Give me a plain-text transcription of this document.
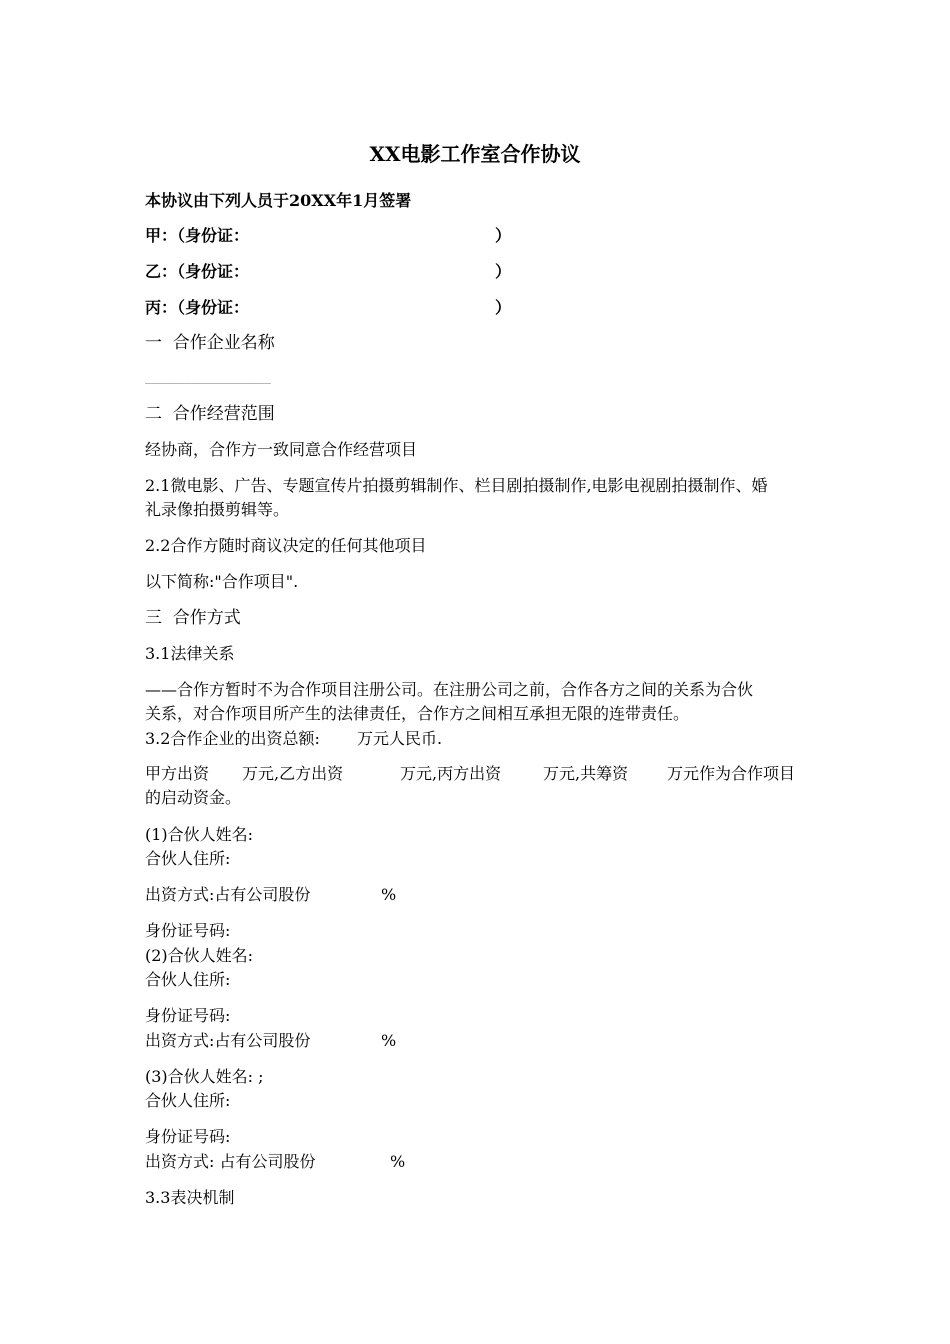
XX电影工作室合作协议
本协议由下列人员于20XX年1月签署
甲：（身份证：	）
乙：（身份证：	）
丙：（身份证：	）
一  合作企业名称
___________________
二  合作经营范围
经协商，合作方一致同意合作经营项目
2.1微电影、广告、专题宣传片拍摄剪辑制作、栏目剧拍摄制作,电影电视剧拍摄制作、婚
礼录像拍摄剪辑等。
2.2合作方随时商议决定的任何其他项目
以下简称:"合作项目".
三  合作方式
3.1法律关系
——合作方暂时不为合作项目注册公司。在注册公司之前，合作各方之间的关系为合伙
关系，对合作项目所产生的法律责任，合作方之间相互承担无限的连带责任。
3.2合作企业的出资总额: 万元人民币.
甲方出资 万元,乙方出资	万元,丙方出资	万元,共筹资 万元作为合作项目
的启动资金。
(1)合伙人姓名:
合伙人住所:
出资方式:占有公司股份	%
身份证号码:
(2)合伙人姓名:
合伙人住所:
身份证号码:
出资方式:占有公司股份	%
(3)合伙人姓名: ;
合伙人住所:
身份证号码:
出资方式: 占有公司股份	%
3.3表决机制
